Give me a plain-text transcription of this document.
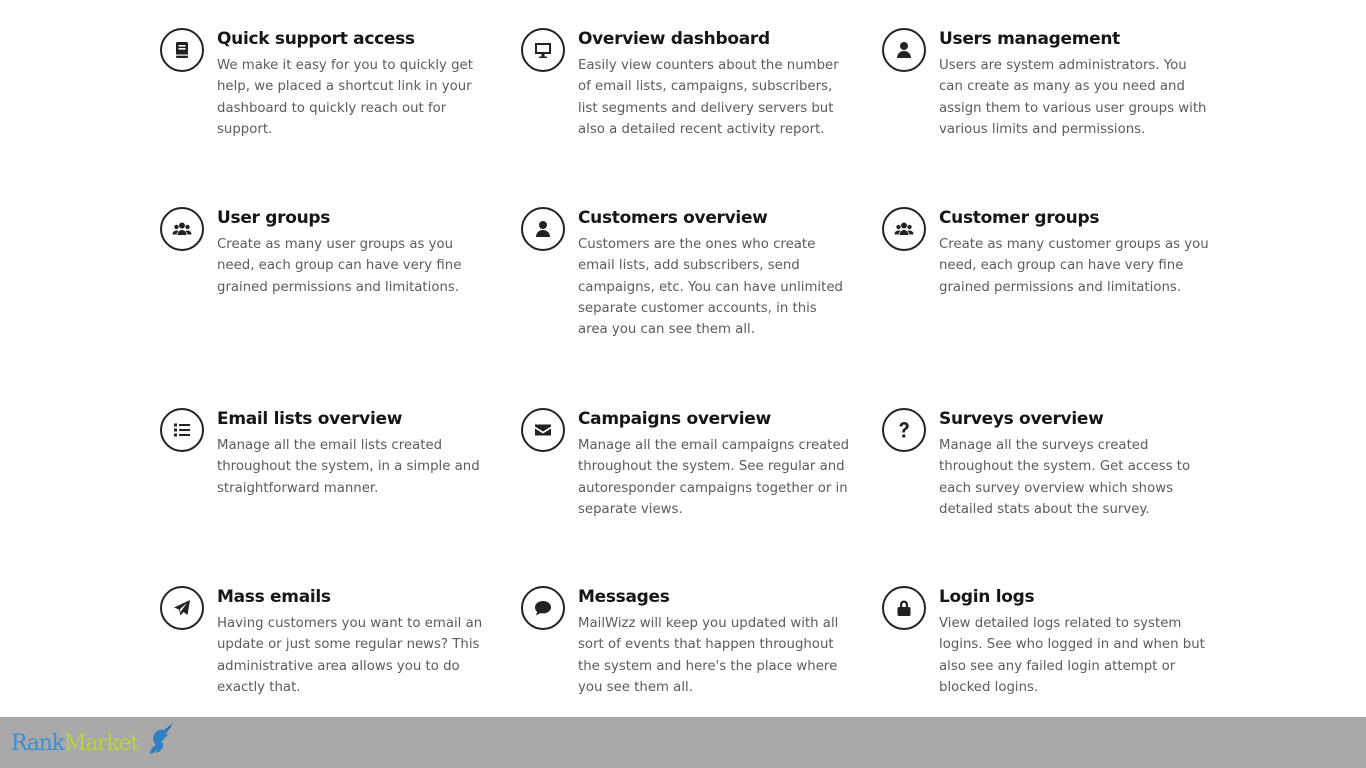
Quick support access
We make it easy for you to quickly get help, we placed a shortcut link in your dashboard to quickly reach out for support.
Overview dashboard
Easily view counters about the number of email lists, campaigns, subscribers, list segments and delivery servers but also a detailed recent activity report.
Users management
Users are system administrators. You can create as many as you need and assign them to various user groups with various limits and permissions.
User groups
Create as many user groups as you need, each group can have very fine grained permissions and limitations.
Customers overview
Customers are the ones who create email lists, add subscribers, send campaigns, etc. You can have unlimited separate customer accounts, in this area you can see them all.
Customer groups
Create as many customer groups as you need, each group can have very fine grained permissions and limitations.
Email lists overview
Manage all the email lists created throughout the system, in a simple and straightforward manner.
Campaigns overview
Manage all the email campaigns created throughout the system. See regular and autoresponder campaigns together or in separate views.
Surveys overview
Manage all the surveys created throughout the system. Get access to each survey overview which shows detailed stats about the survey.
Mass emails
Having customers you want to email an update or just some regular news? This administrative area allows you to do exactly that.
Messages
MailWizz will keep you updated with all sort of events that happen throughout the system and here's the place where you see them all.
Login logs
View detailed logs related to system logins. See who logged in and when but also see any failed login attempt or blocked logins.
RankMarket
